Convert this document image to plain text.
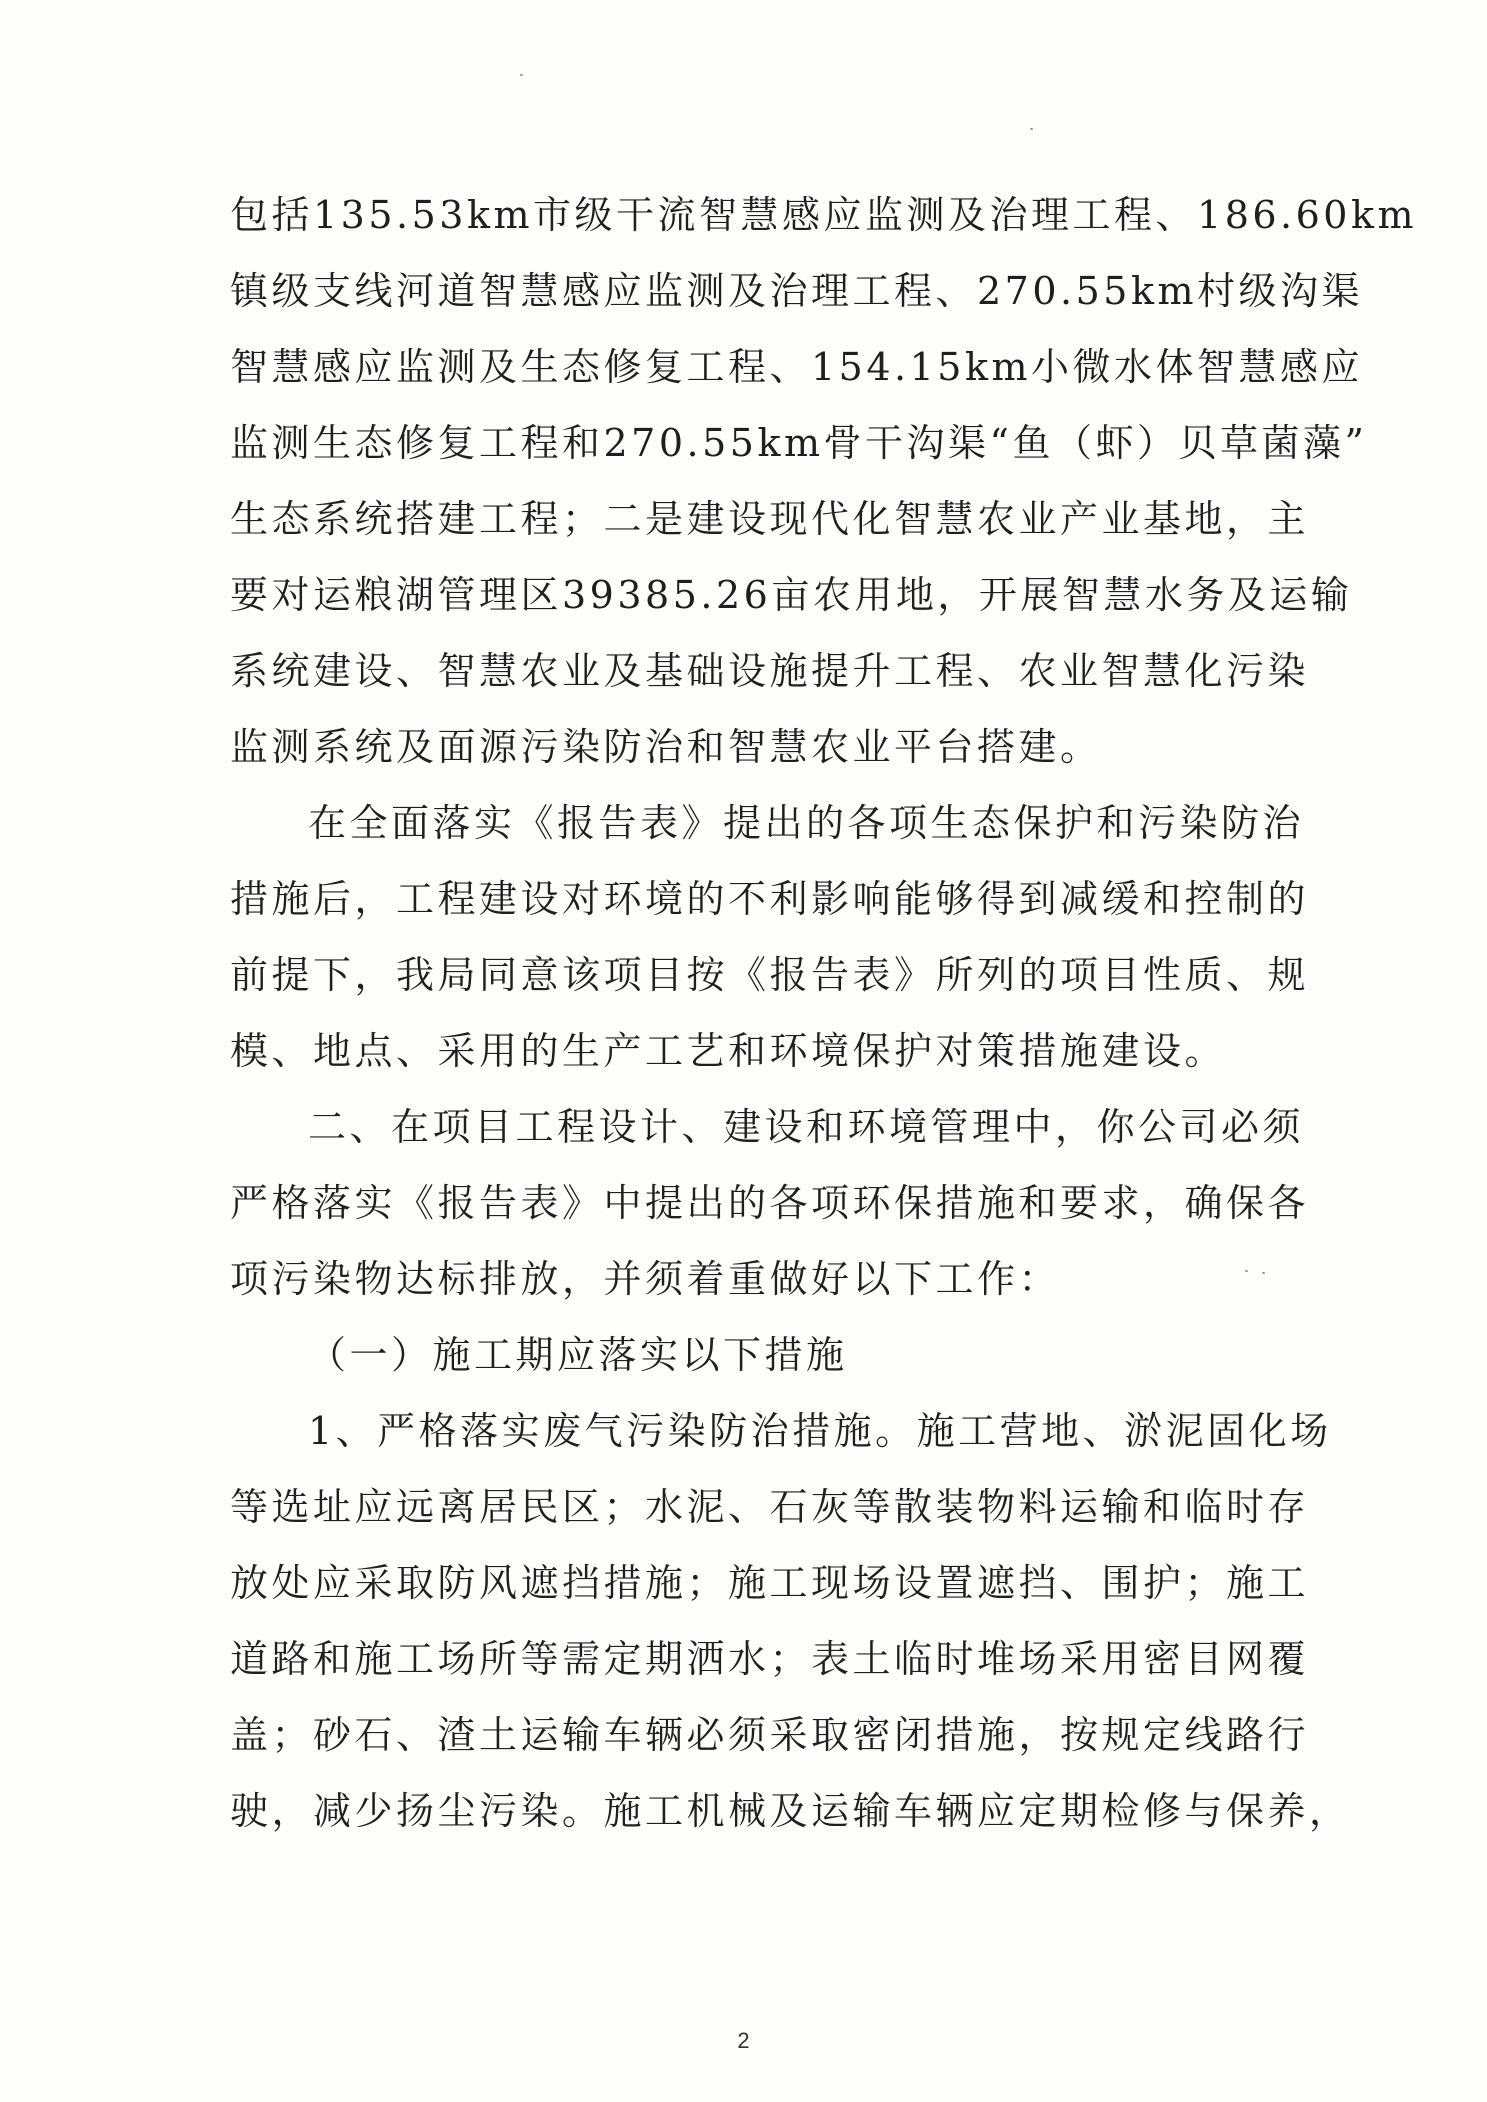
包括135.53km市级干流智慧感应监测及治理工程、186.60km
镇级支线河道智慧感应监测及治理工程、270.55km村级沟渠
智慧感应监测及生态修复工程、154.15km小微水体智慧感应
监测生态修复工程和270.55km骨干沟渠“鱼（虾）贝草菌藻”
生态系统搭建工程；二是建设现代化智慧农业产业基地，主
要对运粮湖管理区39385.26亩农用地，开展智慧水务及运输
系统建设、智慧农业及基础设施提升工程、农业智慧化污染
监测系统及面源污染防治和智慧农业平台搭建。
在全面落实《报告表》提出的各项生态保护和污染防治
措施后，工程建设对环境的不利影响能够得到减缓和控制的
前提下，我局同意该项目按《报告表》所列的项目性质、规
模、地点、采用的生产工艺和环境保护对策措施建设。
二、在项目工程设计、建设和环境管理中，你公司必须
严格落实《报告表》中提出的各项环保措施和要求，确保各
项污染物达标排放，并须着重做好以下工作：
（一）施工期应落实以下措施
1、严格落实废气污染防治措施。施工营地、淤泥固化场
等选址应远离居民区；水泥、石灰等散装物料运输和临时存
放处应采取防风遮挡措施；施工现场设置遮挡、围护；施工
道路和施工场所等需定期洒水；表土临时堆场采用密目网覆
盖；砂石、渣土运输车辆必须采取密闭措施，按规定线路行
驶，减少扬尘污染。施工机械及运输车辆应定期检修与保养，
2
